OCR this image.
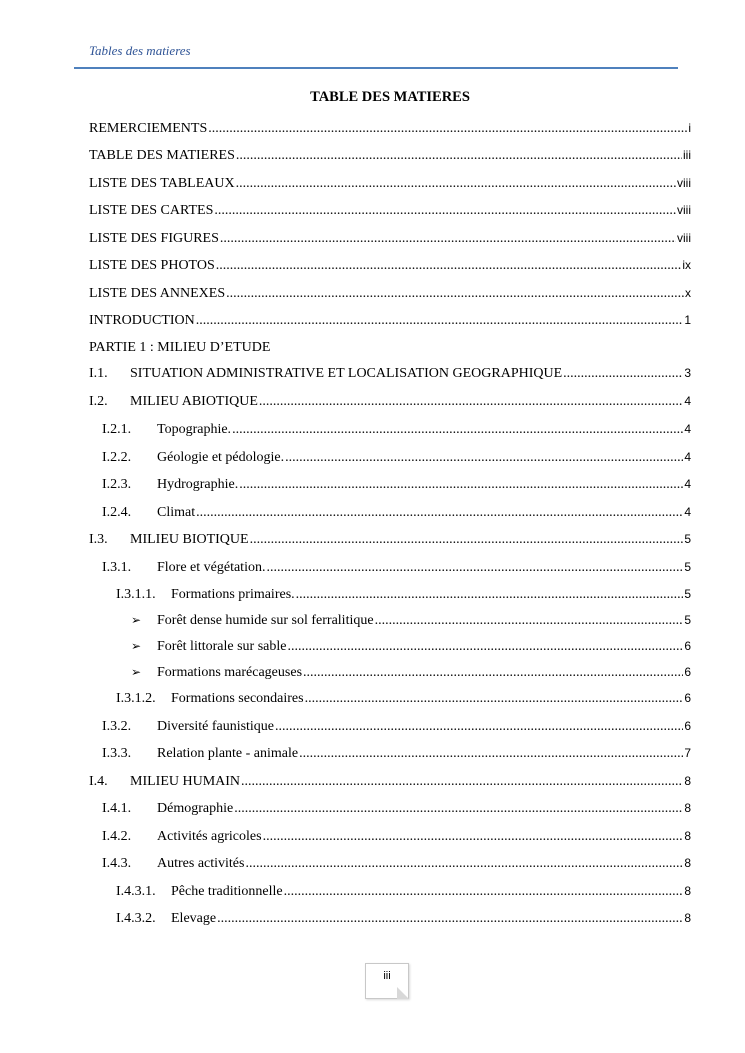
Tables des matieres
TABLE DES MATIERES
REMERCIEMENTS .....	i
TABLE DES MATIERES .....	iii
LISTE DES TABLEAUX .....	viii
LISTE DES CARTES .....	viii
LISTE DES FIGURES .....	viii
LISTE DES PHOTOS .....	ix
LISTE DES ANNEXES .....	x
INTRODUCTION .....	1
PARTIE 1 : MILIEU D’ETUDE
I.1.	SITUATION ADMINISTRATIVE ET LOCALISATION GEOGRAPHIQUE .....	3
I.2.	MILIEU ABIOTIQUE .....	4
I.2.1.	Topographie. .....	4
I.2.2.	Géologie et pédologie. .....	4
I.2.3.	Hydrographie. .....	4
I.2.4.	Climat .....	4
I.3.	MILIEU BIOTIQUE .....	5
I.3.1.	Flore et végétation. .....	5
I.3.1.1.	Formations primaires. .....	5
➢	Forêt dense humide sur sol ferralitique .....	5
➢	Forêt littorale sur sable .....	6
➢	Formations marécageuses .....	6
I.3.1.2.	Formations secondaires .....	6
I.3.2.	Diversité faunistique .....	6
I.3.3.	Relation plante - animale .....	7
I.4.	MILIEU HUMAIN .....	8
I.4.1.	Démographie .....	8
I.4.2.	Activités agricoles .....	8
I.4.3.	Autres activités .....	8
I.4.3.1.	Pêche traditionnelle .....	8
I.4.3.2.	Elevage .....	8
iii
